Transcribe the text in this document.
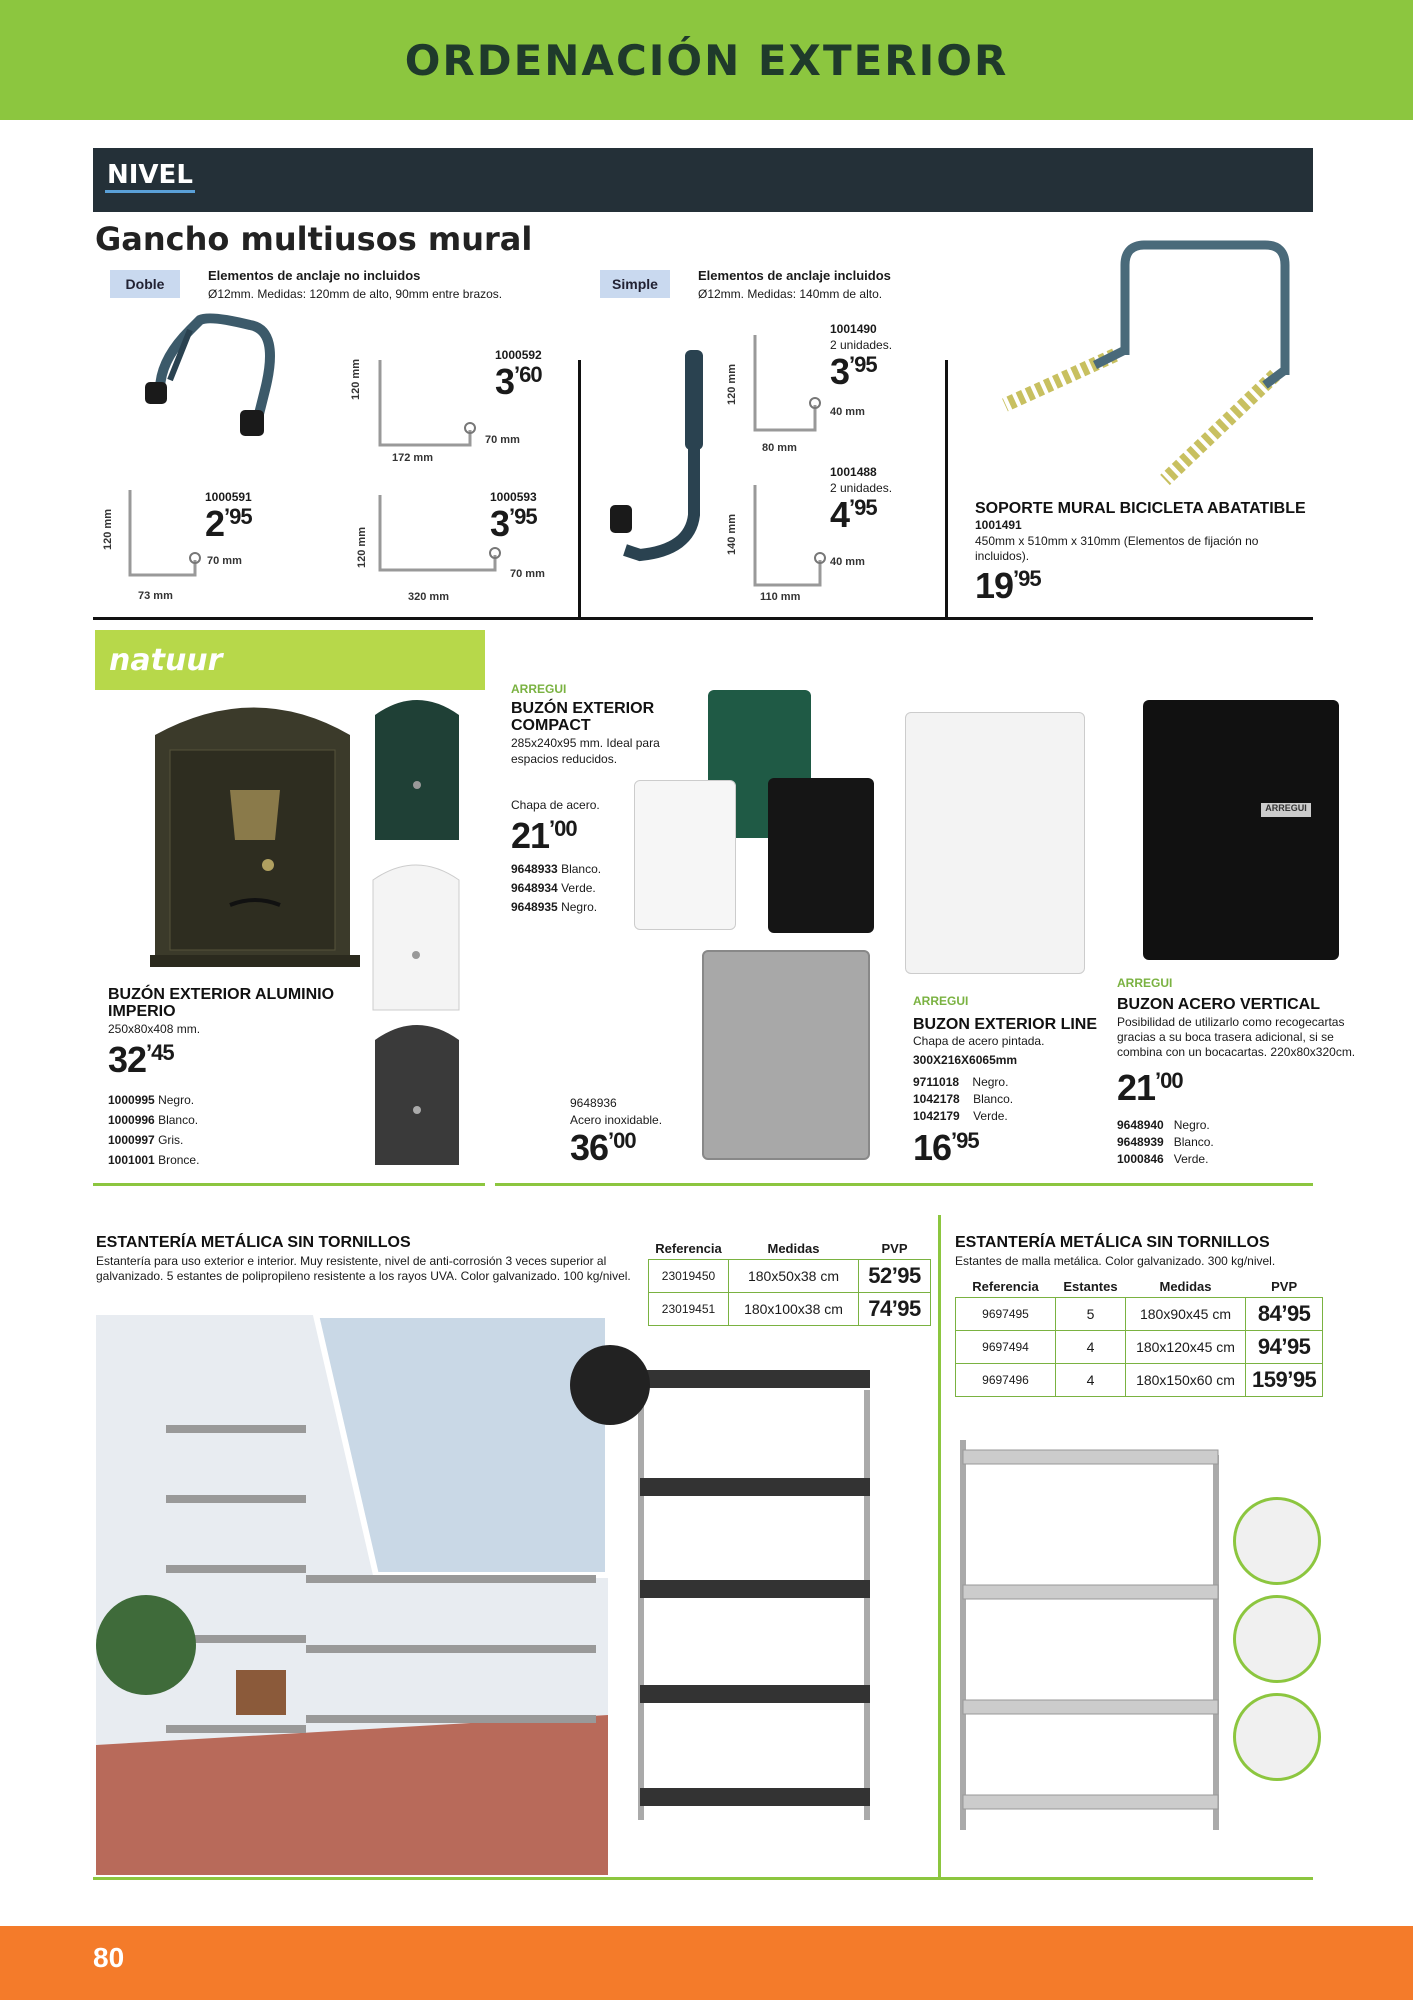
ORDENACIÓN EXTERIOR
NIVEL
Gancho multiusos mural
Doble
Elementos de anclaje no incluidos
Ø12mm. Medidas: 120mm de alto, 90mm entre brazos.
Simple
Elementos de anclaje incluidos
Ø12mm. Medidas: 140mm de alto.
120 mm
172 mm
70 mm
1000592
$3^{’60}$
120 mm
73 mm
70 mm
1000591
$2^{’95}$
120 mm
320 mm
70 mm
1000593
$3^{’95}$
120 mm
80 mm
40 mm
1001490
2 unidades.
$3^{’95}$
140 mm
110 mm
40 mm
1001488
2 unidades.
$4^{’95}$	SOPORTE MURAL BICICLETA ABATATIBLE
1001491
450mm x 510mm x 310mm (Elementos de fijación no incluidos).
$19^{’95}$
natuur
BUZÓN EXTERIOR ALUMINIO
IMPERIO
250x80x408 mm.
$32^{’45}$
1000995 Negro.
1000996 Blanco.
1000997 Gris.
1001001 Bronce.
ARREGUI
BUZÓN EXTERIOR
COMPACT
285x240x95 mm. Ideal para
espacios reducidos.
Chapa de acero.
$21^{’00}$
9648933 Blanco.
9648934 Verde.
9648935 Negro.
9648936
Acero inoxidable.
$36^{’00}$
ARREGUI
BUZON EXTERIOR LINE
Chapa de acero pintada.
300X216X6065mm
9711018 Negro.
1042178 Blanco.
1042179 Verde.
$16^{’95}$
ARREGUI
ARREGUI
BUZON ACERO VERTICAL
Posibilidad de utilizarlo como recogecartas gracias a su boca trasera adicional, si se combina con un bocacartas. 220x80x320cm.
$21^{’00}$
9648940 Negro.
9648939 Blanco.
1000846 Verde.
ESTANTERÍA METÁLICA SIN TORNILLOS
Estantería para uso exterior e interior. Muy resistente, nivel de anti-corrosión 3 veces superior al galvanizado. 5 estantes de polipropileno resistente a los rayos UVA. Color galvanizado. 100 kg/nivel.
Referencia	Medidas	PVP
23019450	180x50x38 cm	52’95
23019451	180x100x38 cm	74’95
ESTANTERÍA METÁLICA SIN TORNILLOS
Estantes de malla metálica. Color galvanizado. 300 kg/nivel.
Referencia	Estantes	Medidas	PVP
9697495	5	180x90x45 cm	84’95
9697494	4	180x120x45 cm	94’95
9697496	4	180x150x60 cm	159’95
80
